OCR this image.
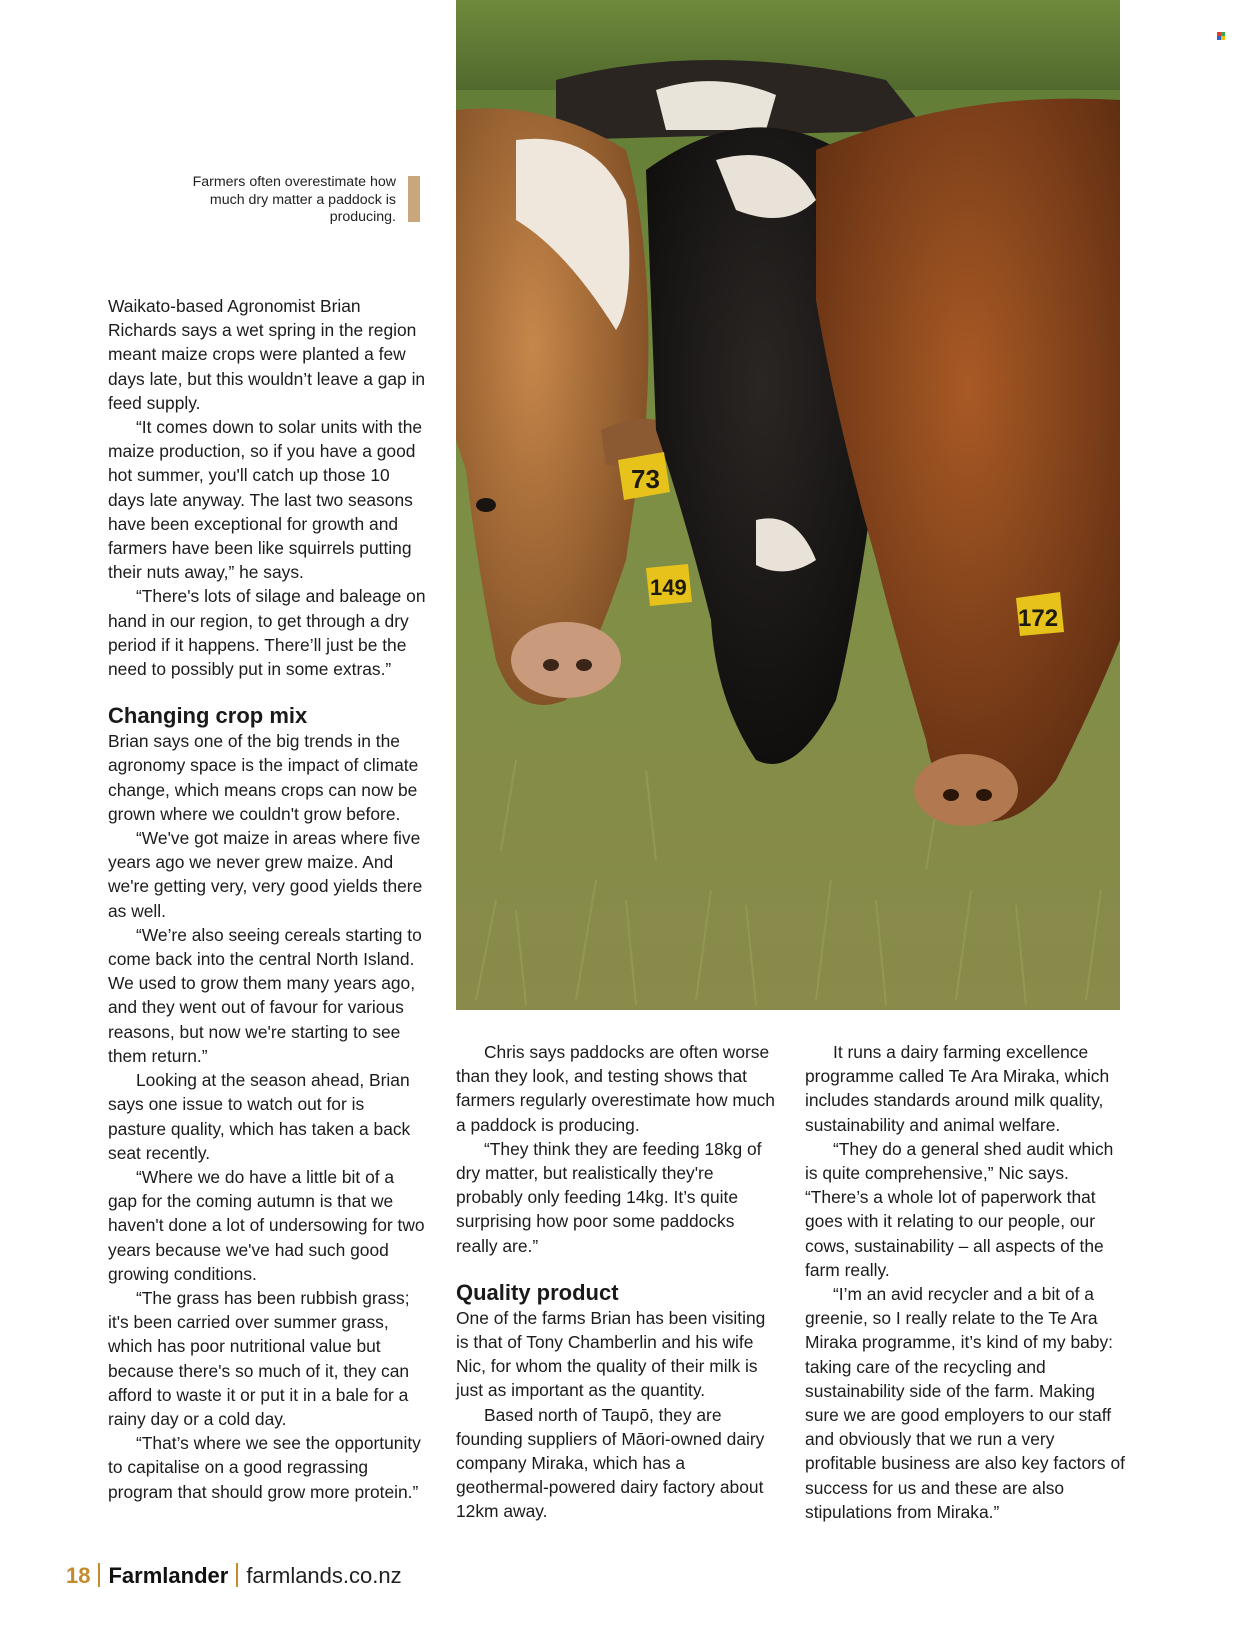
73
149
172
Farmers often overestimate how much dry matter a paddock is producing.

Waikato-based Agronomist Brian Richards says a wet spring in the region meant maize crops were planted a few days late, but this wouldn’t leave a gap in feed supply.

“It comes down to solar units with the maize production, so if you have a good hot summer, you'll catch up those 10 days late anyway. The last two seasons have been exceptional for growth and farmers have been like squirrels putting their nuts away,” he says.

“There's lots of silage and baleage on hand in our region, to get through a dry period if it happens. There’ll just be the need to possibly put in some extras.”

Changing crop mix

Brian says one of the big trends in the agronomy space is the impact of climate change, which means crops can now be grown where we couldn't grow before.

“We've got maize in areas where five years ago we never grew maize. And we're getting very, very good yields there as well.

“We’re also seeing cereals starting to come back into the central North Island. We used to grow them many years ago, and they went out of favour for various reasons, but now we're starting to see them return.”

Looking at the season ahead, Brian says one issue to watch out for is pasture quality, which has taken a back seat recently.

“Where we do have a little bit of a gap for the coming autumn is that we haven't done a lot of undersowing for two years because we've had such good growing conditions.

“The grass has been rubbish grass; it's been carried over summer grass, which has poor nutritional value but because there's so much of it, they can afford to waste it or put it in a bale for a rainy day or a cold day.

“That’s where we see the opportunity to capitalise on a good regrassing program that should grow more protein.”

Chris says paddocks are often worse than they look, and testing shows that farmers regularly overestimate how much a paddock is producing.

“They think they are feeding 18kg of dry matter, but realistically they're probably only feeding 14kg. It’s quite surprising how poor some paddocks really are.”

Quality product

One of the farms Brian has been visiting is that of Tony Chamberlin and his wife Nic, for whom the quality of their milk is just as important as the quantity.

Based north of Taupō, they are founding suppliers of Māori-owned dairy company Miraka, which has a geothermal-powered dairy factory about 12km away.

It runs a dairy farming excellence programme called Te Ara Miraka, which includes standards around milk quality, sustainability and animal welfare.

“They do a general shed audit which is quite comprehensive,” Nic says. “There’s a whole lot of paperwork that goes with it relating to our people, our cows, sustainability – all aspects of the farm really.

“I’m an avid recycler and a bit of a greenie, so I really relate to the Te Ara Miraka programme, it’s kind of my baby: taking care of the recycling and sustainability side of the farm. Making sure we are good employers to our staff and obviously that we run a very profitable business are also key factors of success for us and these are also stipulations from Miraka.”

18 Farmlander farmlands.co.nz
